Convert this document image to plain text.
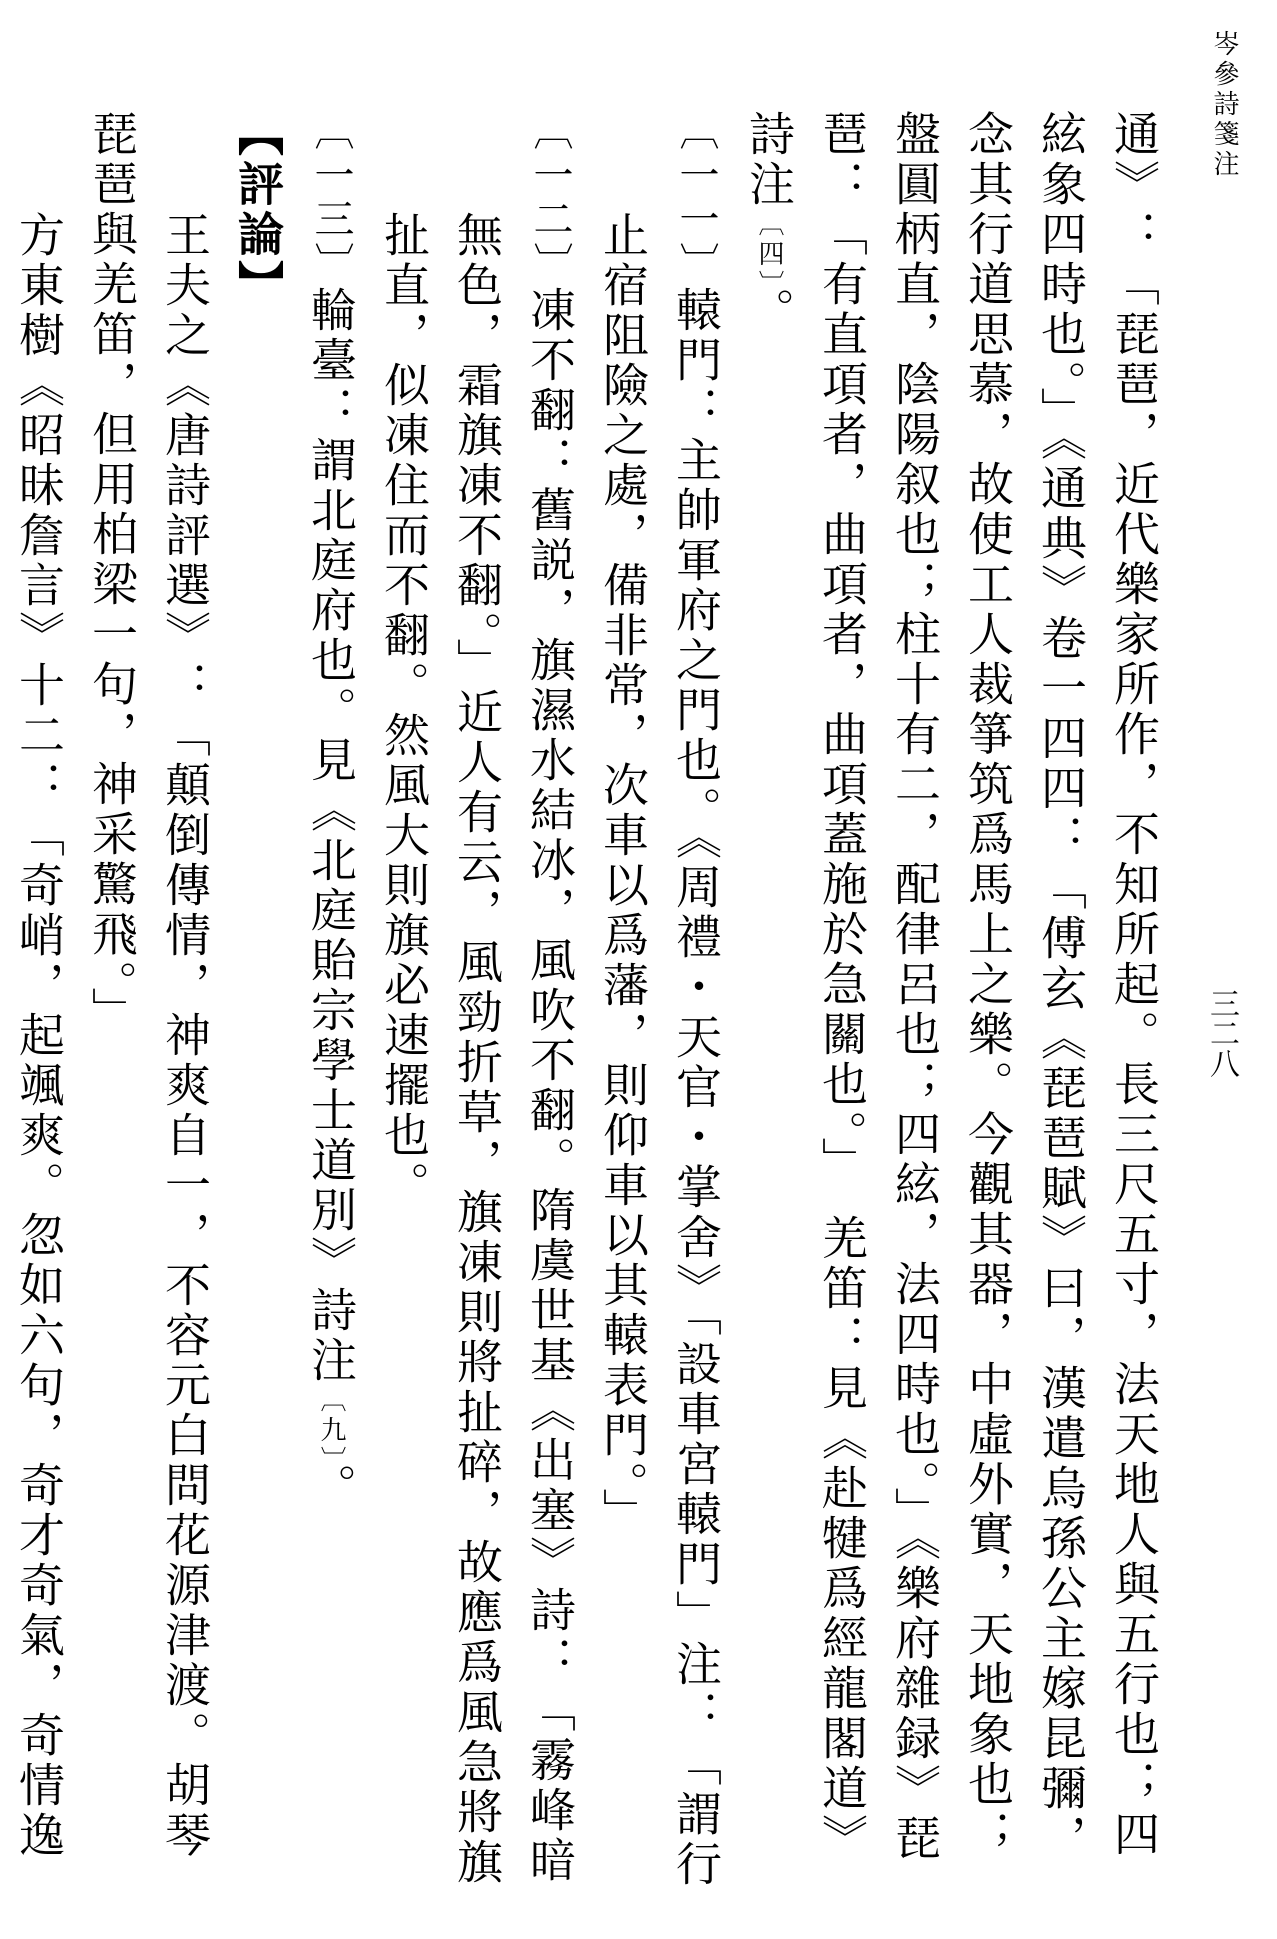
岑參詩箋注
三二八

通》：「琵琶，近代樂家所作，不知所起。長三尺五寸，法天地人與五行也；四絃象四時也。」《通典》卷一四四：「傅玄《琵琶賦》曰，漢遣烏孫公主嫁昆彌，念其行道思慕，故使工人裁箏筑爲馬上之樂。今觀其器，中虛外實，天地象也；盤圓柄直，陰陽叙也；柱十有二，配律呂也；四絃，法四時也。」《樂府雜録》琵琶：「有直項者，曲項者，曲項蓋施於急關也。」　羌笛：見《赴犍爲經龍閣道》詩注〔四〕。

〔一一〕轅門：主帥軍府之門也。《周禮・天官・掌舍》「設車宮轅門」注：「謂行止宿阻險之處，備非常，次車以爲藩，則仰車以其轅表門。」

〔一二〕凍不翻：舊説，旗濕水結冰，風吹不翻。隋虞世基《出塞》詩：「霧峰暗無色，霜旗凍不翻。」近人有云，風勁折草，旗凍則將扯碎，故應爲風急將旗扯直，似凍住而不翻。然風大則旗必速擺也。

〔一三〕輪臺：謂北庭府也。見《北庭貽宗學士道別》詩注〔九〕。

【評論】

王夫之《唐詩評選》：「顛倒傳情，神爽自一，不容元白問花源津渡。胡琴琵琶與羌笛，但用柏梁一句，神采驚飛。」

方東樹《昭昧詹言》十二：「奇峭，起颯爽。忽如六句，奇才奇氣，奇情逸
